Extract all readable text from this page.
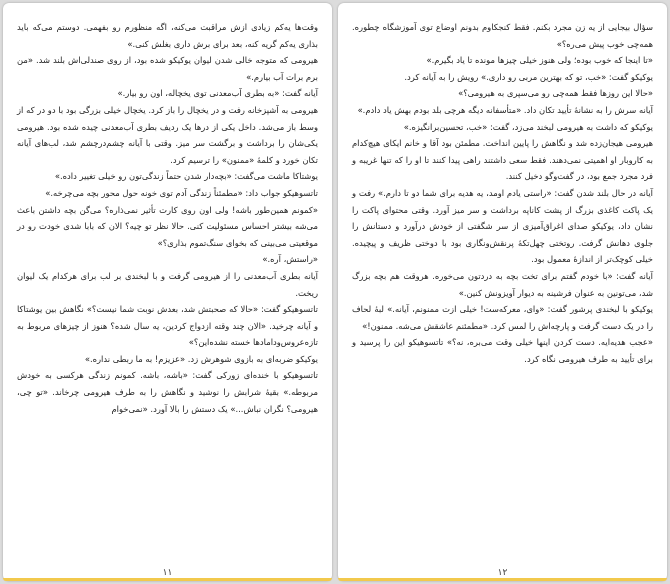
وقت‌ها یه‌کم زیادی ازش مراقبت می‌کنه، اگه منظورم رو بفهمی. دوستم می‌که باید بذاری یه‌کم گریه کنه، بعد برای برش داری بغلش کنی.»

هیرومی که متوجه خالی شدن لیوان یوکیکو شده بود، از روی صندلی‌اش بلند شد. «من برم برات آب بیارم.»

آیانه گفت: «به بطری آب‌معدنی توی یخچاله، اون رو بیار.»

هیرومی به آشپزخانه رفت و در یخچال را باز کرد. یخچال خیلی بزرگی بود با دو در که از وسط باز می‌شد. داخل یکی از درها یک ردیف بطری آب‌معدنی چیده شده بود. هیرومی یکی‌شان را برداشت و برگشت سر میز. وقتی با آیانه چشم‌درچشم شد، لب‌های آیانه تکان خورد و کلمهٔ «ممنون» را ترسیم کرد.

یوشتاکا ماشت می‌گفت: «بچه‌دار شدن حتماً زندگی‌تون رو خیلی تغییر داده.»

تاتسوهیکو جواب داد: «مطمئناً زندگی آدم توی خونه حول محور بچه می‌چرخه.»

«کمونم همین‌طور باشه! ولی اون روی کارت تأثیر نمی‌ذاره؟ می‌گن بچه داشتن باعث می‌شه بیشتر احساس مسئولیت کنی. حالا نظر تو چیه؟ الان که بابا شدی خودت رو در موقعیتی می‌بینی که بخوای سنگ‌تموم بذاری؟»

«راستش، آره.»

آیانه بطری آب‌معدنی را از هیرومی گرفت و با لبخندی بر لب برای هرکدام یک لیوان ریخت.

تاتسوهیکو گفت: «حالا که صحبتش شد، بعدش نوبت شما نیست؟» نگاهش بین یوشتاکا و آیانه چرخید. «الان چند وقته ازدواج کردین، یه سال شده؟ هنوز از چیزهای مربوط به تازه‌عروس‌ودامادها خسته نشده‌این؟»

یوکیکو ضربه‌ای به بازوی شوهرش زد. «عزیزم! به ما ربطی نداره.»

تاتسوهیکو با خنده‌ای زورکی گفت: «باشه، باشه. کمونم زندگی هرکسی به خودش مربوطه.» بقیهٔ شرابش را نوشید و نگاهش را به طرف هیرومی چرخاند. «تو چی، هیرومی؟ نگران نباش...» یک دستش را بالا آورد. «نمی‌خوام

۱۱

سؤال بیجایی از یه زن مجرد بکنم. فقط کنجکاوم بدونم اوضاع توی آموزشگاه چطوره. همه‌چی خوب پیش می‌ره؟»

«تا اینجا که خوب بوده؛ ولی هنوز خیلی چیزها مونده تا یاد بگیرم.»

یوکیکو گفت: «خب، تو که بهترین مربی رو داری.» رویش را به آیانه کرد.

«حالا این روزها فقط همه‌چی رو می‌سپری به هیرومی؟»

آیانه سرش را به نشانهٔ تأیید تکان داد. «متأسفانه دیگه هرچی بلد بودم بهش یاد دادم.»

یوکیکو که داشت به هیرومی لبخند می‌زد، گفت: «خب، تحسین‌برانگیزه.»

هیرومی هیجان‌زده شد و نگاهش را پایین انداخت. مطمئن بود آقا و خانم ایکای هیچ‌کدام به کاروبار او اهمیتی نمی‌دهند. فقط سعی داشتند راهی پیدا کنند تا او را که تنها غریبه و فرد مجرد جمع بود، در گفت‌وگو دخیل کنند.

آیانه در حال بلند شدن گفت: «راستی یادم اومد، یه هدیه برای شما دو تا دارم.» رفت و یک پاکت کاغذی بزرگ از پشت کاناپه برداشت و سر میز آورد. وقتی محتوای پاکت را نشان داد، یوکیکو صدای اغراق‌آمیزی از سر شگفتی از خودش درآورد و دستانش را جلوی دهانش گرفت. روتختی چهل‌تکهٔ پرنقش‌ونگاری بود با دوختی ظریف و پیچیده. خیلی کوچک‌تر از اندازهٔ معمول بود.

آیانه گفت: «با خودم گفتم برای تخت بچه به دردتون می‌خوره. هروقت هم بچه بزرگ شد، می‌تونین به عنوان فرشینه به دیوار آویزونش کنین.»

یوکیکو با لبخندی پرشور گفت: «وای، معرکه‌ست! خیلی ازت ممنونم، آیانه.» لبهٔ لحاف را در یک دست گرفت و پارچه‌اش را لمس کرد. «مطمئنم عاشقش می‌شه. ممنون!»

«عجب هدیه‌ایه. دست کردن اینها خیلی وقت می‌بره، نه؟» تاتسوهیکو این را پرسید و برای تأیید به طرف هیرومی نگاه کرد.

۱۲
